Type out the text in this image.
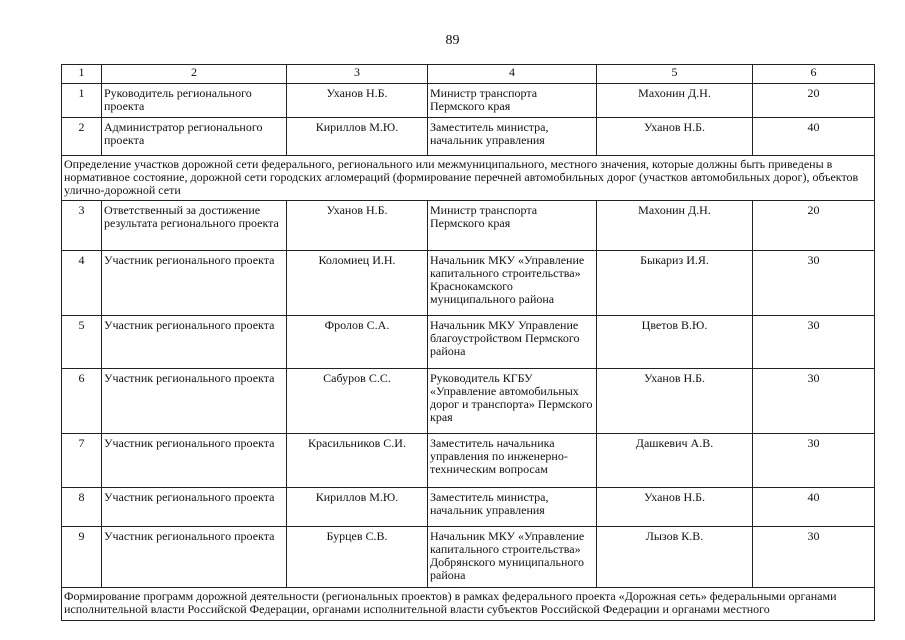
89
1	2	3	4	5	6
1	Руководитель регионального проекта	Уханов Н.Б.	Министр транспорта Пермского края	Махонин Д.Н.	20
2	Администратор регионального проекта	Кириллов М.Ю.	Заместитель министра, начальник управления	Уханов Н.Б.	40
Определение участков дорожной сети федерального, регионального или межмуниципального, местного значения, которые должны быть приведены в нормативное состояние, дорожной сети городских агломераций (формирование перечней автомобильных дорог (участков автомобильных дорог), объектов улично-дорожной сети					
3	Ответственный за достижение результата регионального проекта	Уханов Н.Б.	Министр транспорта Пермского края	Махонин Д.Н.	20
4	Участник регионального проекта	Коломиец И.Н.	Начальник МКУ «Управление капитального строительства» Краснокамского муниципального района	Быкариз И.Я.	30
5	Участник регионального проекта	Фролов С.А.	Начальник МКУ Управление благоустройством Пермского района	Цветов В.Ю.	30
6	Участник регионального проекта	Сабуров С.С.	Руководитель КГБУ «Управление автомобильных дорог и транспорта» Пермского края	Уханов Н.Б.	30
7	Участник регионального проекта	Красильников С.И.	Заместитель начальника управления по инженерно-техническим вопросам	Дашкевич А.В.	30
8	Участник регионального проекта	Кириллов М.Ю.	Заместитель министра, начальник управления	Уханов Н.Б.	40
9	Участник регионального проекта	Бурцев С.В.	Начальник МКУ «Управление капитального строительства» Добрянского муниципального района	Лызов К.В.	30
Формирование программ дорожной деятельности (региональных проектов) в рамках федерального проекта «Дорожная сеть» федеральными органами исполнительной власти Российской Федерации, органами исполнительной власти субъектов Российской Федерации и органами местного					
